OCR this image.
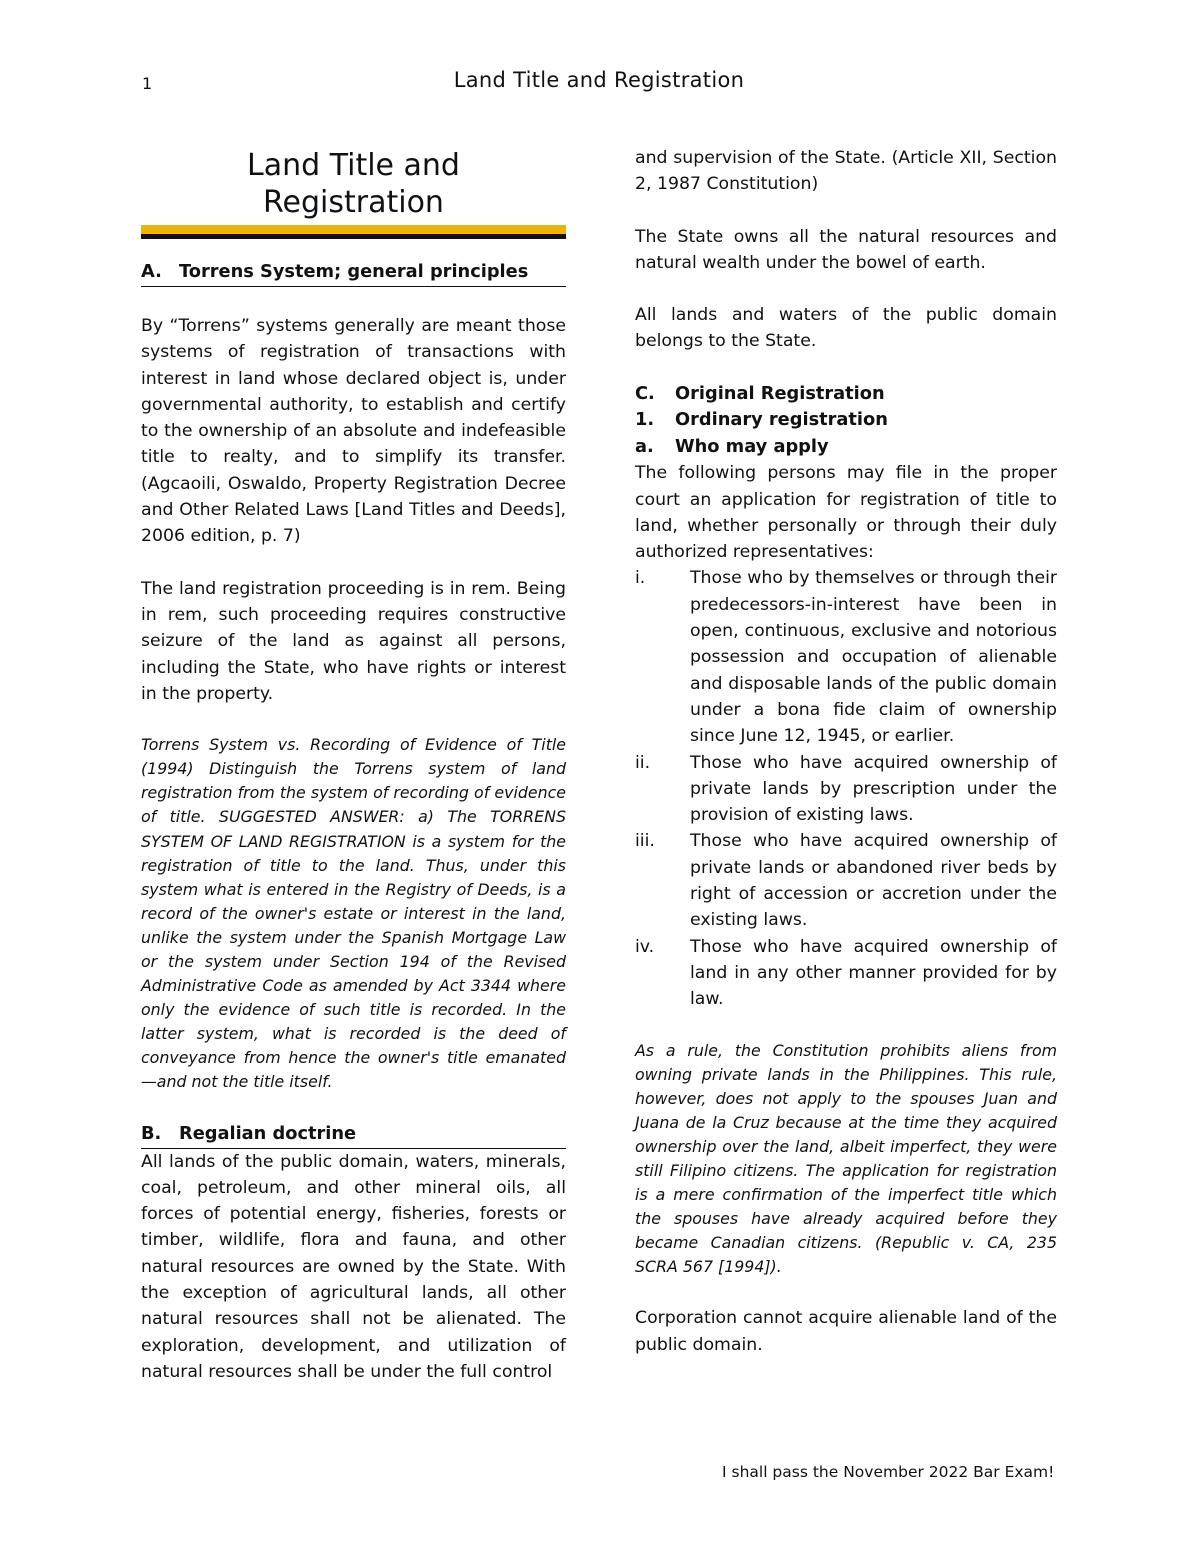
1	Land Title and Registration
Land Title and
Registration
A. Torrens System; general principles

By “Torrens” systems generally are meant those systems of registration of transactions with interest in land whose declared object is, under governmental authority, to establish and certify to the ownership of an absolute and indefeasible title to realty, and to simplify its transfer. (Agcaoili, Oswaldo, Property Registration Decree and Other Related Laws [Land Titles and Deeds], 2006 edition, p. 7)

The land registration proceeding is in rem. Being in rem, such proceeding requires constructive seizure of the land as against all persons, including the State, who have rights or interest in the property.

Torrens System vs. Recording of Evidence of Title (1994) Distinguish the Torrens system of land registration from the system of recording of evidence of title. SUGGESTED ANSWER: a) The TORRENS SYSTEM OF LAND REGISTRATION is a system for the registration of title to the land. Thus, under this system what is entered in the Registry of Deeds, is a record of the owner's estate or interest in the land, unlike the system under the Spanish Mortgage Law or the system under Section 194 of the Revised Administrative Code as amended by Act 3344 where only the evidence of such title is recorded. In the latter system, what is recorded is the deed of conveyance from hence the owner's title emanated —and not the title itself.

B. Regalian doctrine

All lands of the public domain, waters, minerals, coal, petroleum, and other mineral oils, all forces of potential energy, fisheries, forests or timber, wildlife, flora and fauna, and other natural resources are owned by the State. With the exception of agricultural lands, all other natural resources shall not be alienated. The exploration, development, and utilization of natural resources shall be under the full control

and supervision of the State. (Article XII, Section 2, 1987 Constitution)

The State owns all the natural resources and natural wealth under the bowel of earth.

All lands and waters of the public domain belongs to the State.

C.	Original Registration
1.	Ordinary registration
a.	Who may apply

The following persons may file in the proper court an application for registration of title to land, whether personally or through their duly authorized representatives:

i.	Those who by themselves or through their predecessors-in-interest have been in open, continuous, exclusive and notorious possession and occupation of alienable and disposable lands of the public domain under a bona fide claim of ownership since June 12, 1945, or earlier.
ii.	Those who have acquired ownership of private lands by prescription under the provision of existing laws.
iii.	Those who have acquired ownership of private lands or abandoned river beds by right of accession or accretion under the existing laws.
iv.	Those who have acquired ownership of land in any other manner provided for by law.

As a rule, the Constitution prohibits aliens from owning private lands in the Philippines. This rule, however, does not apply to the spouses Juan and Juana de la Cruz because at the time they acquired ownership over the land, albeit imperfect, they were still Filipino citizens. The application for registration is a mere confirmation of the imperfect title which the spouses have already acquired before they became Canadian citizens. (Republic v. CA, 235 SCRA 567 [1994]).

Corporation cannot acquire alienable land of the public domain.

I shall pass the November 2022 Bar Exam!
